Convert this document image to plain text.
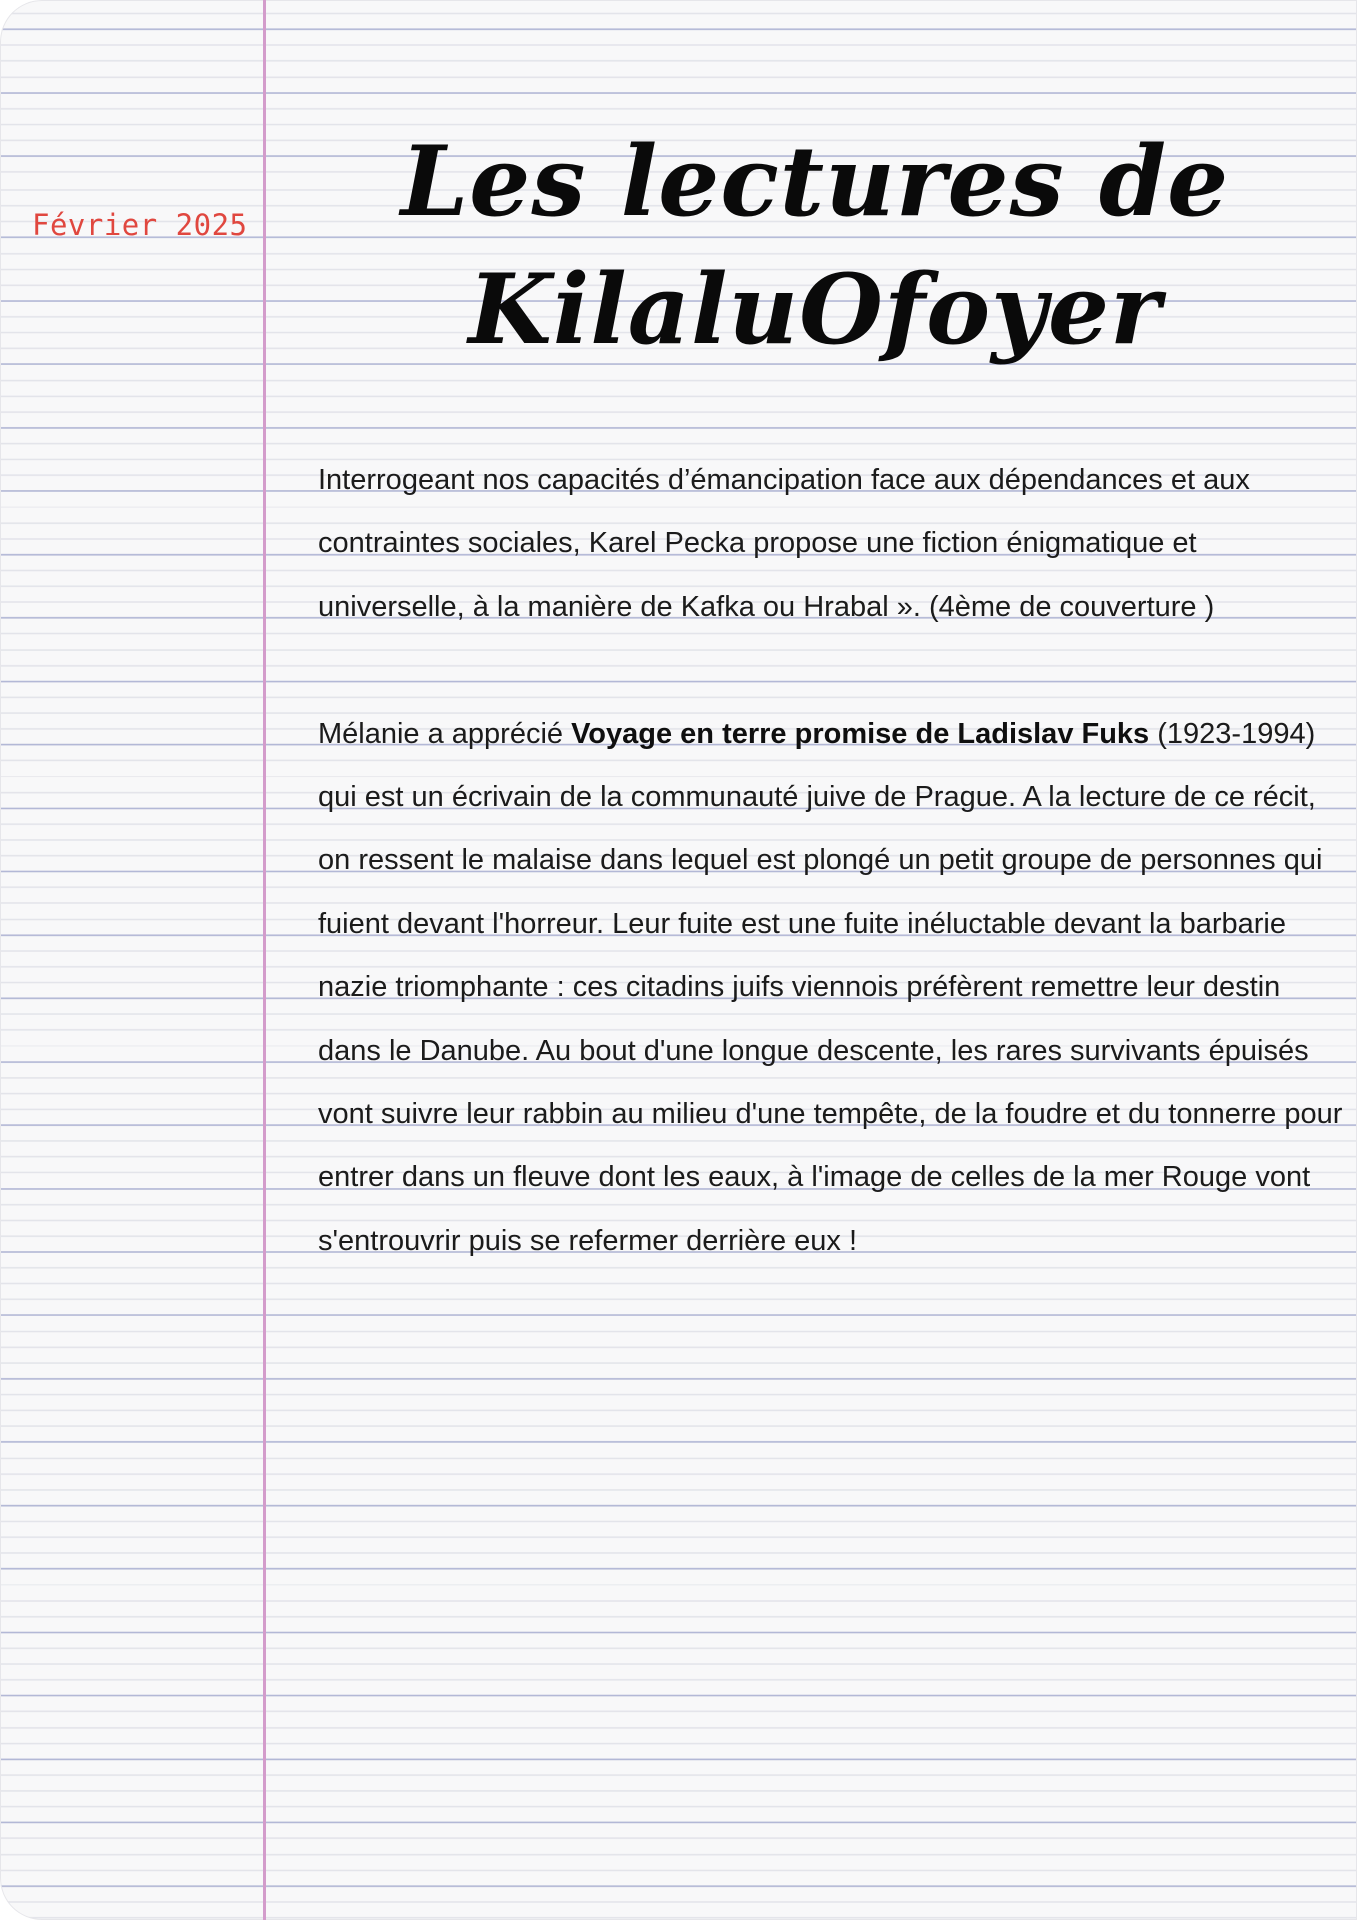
Février 2025	Les lectures de
KilaluOfoyer

Interrogeant nos capacités d’émancipation face aux dépendances et aux contraintes sociales, Karel Pecka propose une fiction énigmatique et universelle, à la manière de Kafka ou Hrabal ». (4ème de couverture )

Mélanie a apprécié Voyage en terre promise de Ladislav Fuks (1923-1994) qui est un écrivain de la communauté juive de Prague. A la lecture de ce récit, on ressent le malaise dans lequel est plongé un petit groupe de personnes qui fuient devant l'horreur. Leur fuite est une fuite inéluctable devant la barbarie nazie triomphante : ces citadins juifs viennois préfèrent remettre leur destin dans le Danube. Au bout d'une longue descente, les rares survivants épuisés vont suivre leur rabbin au milieu d'une tempête, de la foudre et du tonnerre pour entrer dans un fleuve dont les eaux, à l'image de celles de la mer Rouge vont s'entrouvrir puis se refermer derrière eux !
